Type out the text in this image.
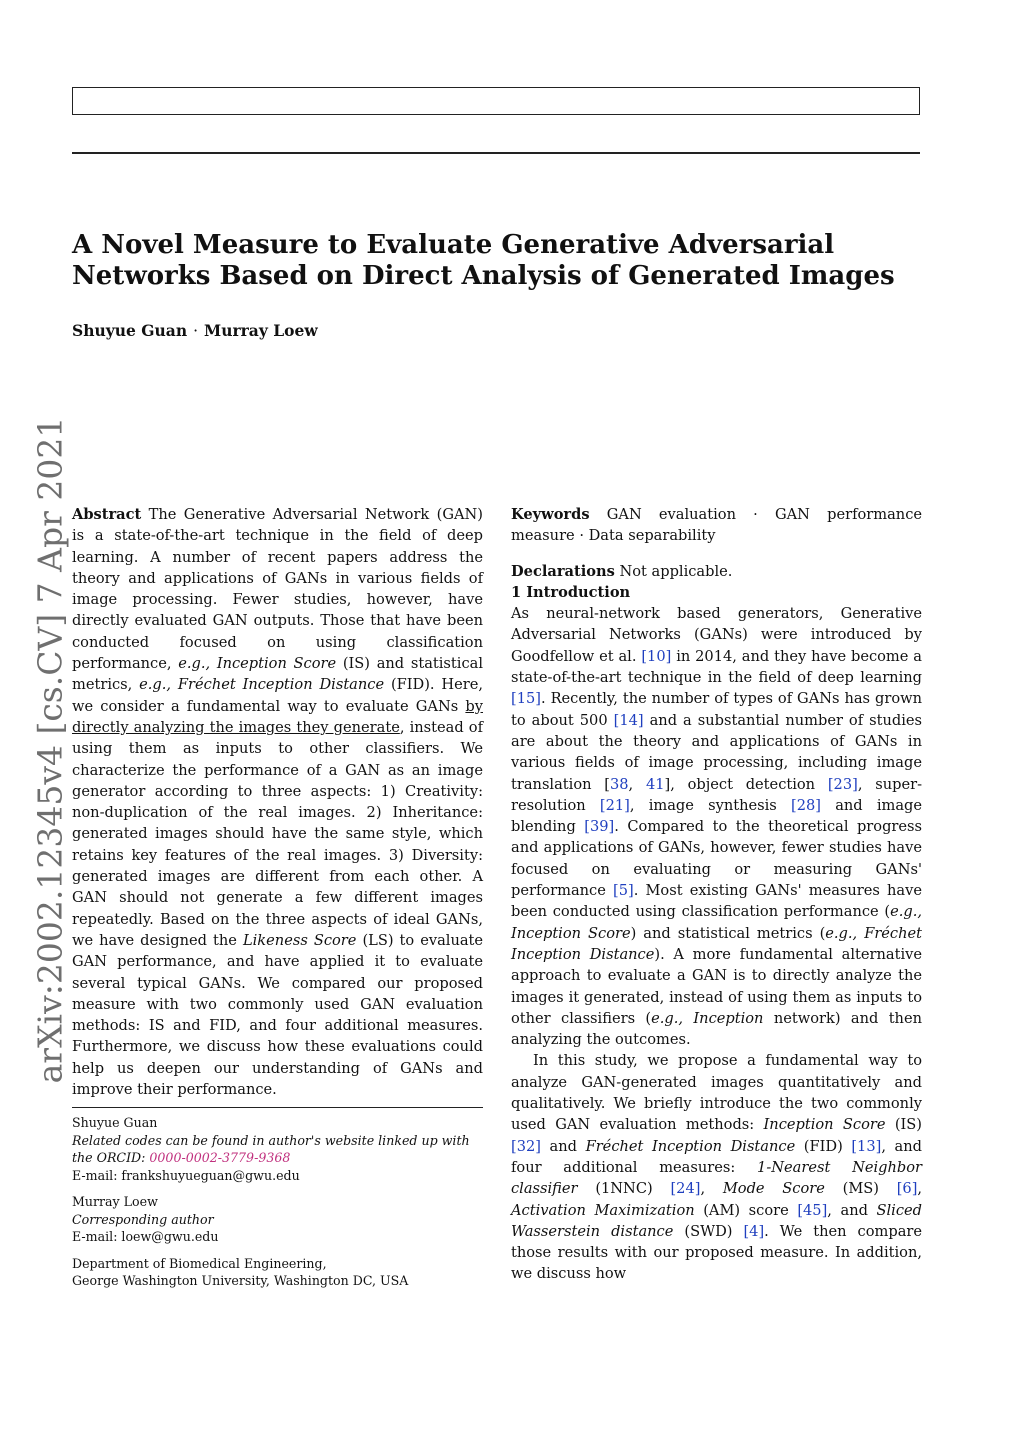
A Novel Measure to Evaluate Generative Adversarial Networks Based on Direct Analysis of Generated Images
Shuyue Guan · Murray Loew
arXiv:2002.12345v4 [cs.CV] 7 Apr 2021 Abstract The Generative Adversarial Network (GAN) is a state-of-the-art technique in the field of deep learning. A number of recent papers address the theory and applications of GANs in various fields of image processing. Fewer studies, however, have directly evaluated GAN outputs. Those that have been conducted focused on using classification performance, e.g., Inception Score (IS) and statistical metrics, e.g., Fréchet Inception Distance (FID). Here, we consider a fundamental way to evaluate GANs by directly analyzing the images they generate, instead of using them as inputs to other classifiers. We characterize the performance of a GAN as an image generator according to three aspects: 1) Creativity: non-duplication of the real images. 2) Inheritance: generated images should have the same style, which retains key features of the real images. 3) Diversity: generated images are different from each other. A GAN should not generate a few different images repeatedly. Based on the three aspects of ideal GANs, we have designed the Likeness Score (LS) to evaluate GAN performance, and have applied it to evaluate several typical GANs. We compared our proposed measure with two commonly used GAN evaluation methods: IS and FID, and four additional measures. Furthermore, we discuss how these evaluations could help us deepen our understanding of GANs and improve their performance.

Shuyue Guan

Related codes can be found in author's website linked up with the ORCID: 0000-0002-3779-9368

E-mail: frankshuyueguan@gwu.edu

Murray Loew

Corresponding author

E-mail: loew@gwu.edu

Department of Biomedical Engineering,

George Washington University, Washington DC, USA

Keywords GAN evaluation · GAN performance measure · Data separability

Declarations Not applicable.

1 Introduction

As neural-network based generators, Generative Adversarial Networks (GANs) were introduced by Goodfellow et al. [10] in 2014, and they have become a state-of-the-art technique in the field of deep learning [15]. Recently, the number of types of GANs has grown to about 500 [14] and a substantial number of studies are about the theory and applications of GANs in various fields of image processing, including image translation [38, 41], object detection [23], super-resolution [21], image synthesis [28] and image blending [39]. Compared to the theoretical progress and applications of GANs, however, fewer studies have focused on evaluating or measuring GANs' performance [5]. Most existing GANs' measures have been conducted using classification performance (e.g., Inception Score) and statistical metrics (e.g., Fréchet Inception Distance). A more fundamental alternative approach to evaluate a GAN is to directly analyze the images it generated, instead of using them as inputs to other classifiers (e.g., Inception network) and then analyzing the outcomes.

In this study, we propose a fundamental way to analyze GAN-generated images quantitatively and qualitatively. We briefly introduce the two commonly used GAN evaluation methods: Inception Score (IS) [32] and Fréchet Inception Distance (FID) [13], and four additional measures: 1-Nearest Neighbor classifier (1NNC) [24], Mode Score (MS) [6], Activation Maximization (AM) score [45], and Sliced Wasserstein distance (SWD) [4]. We then compare those results with our proposed measure. In addition, we discuss how
